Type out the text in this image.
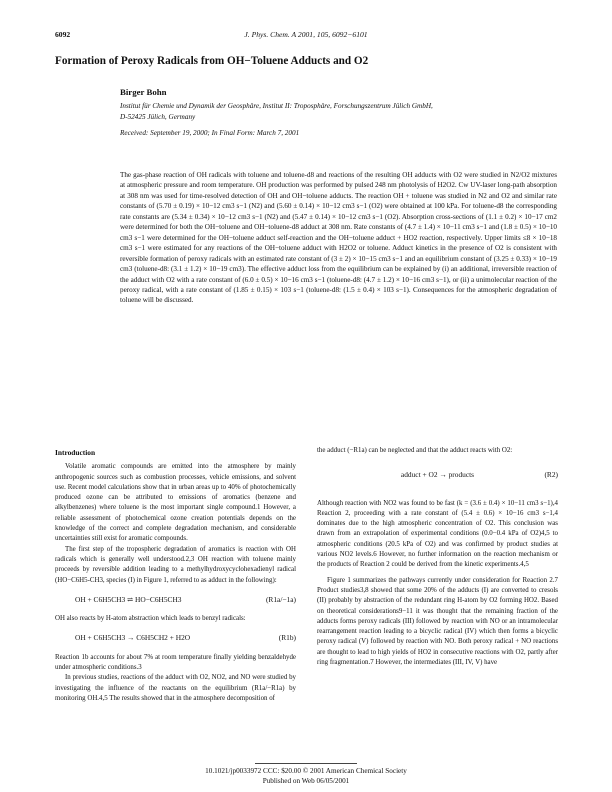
6092	J. Phys. Chem. A 2001, 105, 6092−6101
Formation of Peroxy Radicals from OH−Toluene Adducts and O2
Birger Bohn
Institut für Chemie und Dynamik der Geosphäre, Institut II: Troposphäre, Forschungszentrum Jülich GmbH,
D-52425 Jülich, Germany
Received: September 19, 2000; In Final Form: March 7, 2001
The gas-phase reaction of OH radicals with toluene and toluene-d8 and reactions of the resulting OH adducts with O2 were studied in N2/O2 mixtures at atmospheric pressure and room temperature. OH production was performed by pulsed 248 nm photolysis of H2O2. Cw UV-laser long-path absorption at 308 nm was used for time-resolved detection of OH and OH−toluene adducts. The reaction OH + toluene was studied in N2 and O2 and similar rate constants of (5.70 ± 0.19) × 10−12 cm3 s−1 (N2) and (5.60 ± 0.14) × 10−12 cm3 s−1 (O2) were obtained at 100 kPa. For toluene-d8 the corresponding rate constants are (5.34 ± 0.34) × 10−12 cm3 s−1 (N2) and (5.47 ± 0.14) × 10−12 cm3 s−1 (O2). Absorption cross-sections of (1.1 ± 0.2) × 10−17 cm2 were determined for both the OH−toluene and OH−toluene-d8 adduct at 308 nm. Rate constants of (4.7 ± 1.4) × 10−11 cm3 s−1 and (1.8 ± 0.5) × 10−10 cm3 s−1 were determined for the OH−toluene adduct self-reaction and the OH−toluene adduct + HO2 reaction, respectively. Upper limits ≤8 × 10−18 cm3 s−1 were estimated for any reactions of the OH−toluene adduct with H2O2 or toluene. Adduct kinetics in the presence of O2 is consistent with reversible formation of peroxy radicals with an estimated rate constant of (3 ± 2) × 10−15 cm3 s−1 and an equilibrium constant of (3.25 ± 0.33) × 10−19 cm3 (toluene-d8: (3.1 ± 1.2) × 10−19 cm3). The effective adduct loss from the equilibrium can be explained by (i) an additional, irreversible reaction of the adduct with O2 with a rate constant of (6.0 ± 0.5) × 10−16 cm3 s−1 (toluene-d8: (4.7 ± 1.2) × 10−16 cm3 s−1), or (ii) a unimolecular reaction of the peroxy radical, with a rate constant of (1.85 ± 0.15) × 103 s−1 (toluene-d8: (1.5 ± 0.4) × 103 s−1). Consequences for the atmospheric degradation of toluene will be discussed.
Introduction

Volatile aromatic compounds are emitted into the atmosphere by mainly anthropogenic sources such as combustion processes, vehicle emissions, and solvent use. Recent model calculations show that in urban areas up to 40% of photochemically produced ozone can be attributed to emissions of aromatics (benzene and alkylbenzenes) where toluene is the most important single compound.1 However, a reliable assessment of photochemical ozone creation potentials depends on the knowledge of the correct and complete degradation mechanism, and considerable uncertainties still exist for aromatic compounds.

The first step of the tropospheric degradation of aromatics is reaction with OH radicals which is generally well understood.2,3 OH reaction with toluene mainly proceeds by reversible addition leading to a methylhydroxycyclohexadienyl radical (HO−C6H5-CH3, species (I) in Figure 1, referred to as adduct in the following):

OH + C6H5CH3 ⇌ HO−C6H5CH3	(R1a/−1a)

OH also reacts by H-atom abstraction which leads to benzyl radicals:

OH + C6H5CH3 → C6H5CH2 + H2O	(R1b)

Reaction 1b accounts for about 7% at room temperature finally yielding benzaldehyde under atmospheric conditions.3

In previous studies, reactions of the adduct with O2, NO2, and NO were studied by investigating the influence of the reactants on the equilibrium (R1a/−R1a) by monitoring OH.4,5 The results showed that in the atmosphere decomposition of

the adduct (−R1a) can be neglected and that the adduct reacts with O2:

adduct + O2 → products	(R2)

Although reaction with NO2 was found to be fast (k = (3.6 ± 0.4) × 10−11 cm3 s−1),4 Reaction 2, proceeding with a rate constant of (5.4 ± 0.6) × 10−16 cm3 s−1,4 dominates due to the high atmospheric concentration of O2. This conclusion was drawn from an extrapolation of experimental conditions (0.0−0.4 kPa of O2)4,5 to atmospheric conditions (20.5 kPa of O2) and was confirmed by product studies at various NO2 levels.6 However, no further information on the reaction mechanism or the products of Reaction 2 could be derived from the kinetic experiments.4,5

Figure 1 summarizes the pathways currently under consideration for Reaction 2.7 Product studies3,8 showed that some 20% of the adducts (I) are converted to cresols (II) probably by abstraction of the redundant ring H-atom by O2 forming HO2. Based on theoretical considerations9−11 it was thought that the remaining fraction of the adducts forms peroxy radicals (III) followed by reaction with NO or an intramolecular rearrangement reaction leading to a bicyclic radical (IV) which then forms a bicyclic peroxy radical (V) followed by reaction with NO. Both peroxy radical + NO reactions are thought to lead to high yields of HO2 in consecutive reactions with O2, partly after ring fragmentation.7 However, the intermediates (III, IV, V) have

10.1021/jp0033972 CCC: $20.00 © 2001 American Chemical Society
Published on Web 06/05/2001
